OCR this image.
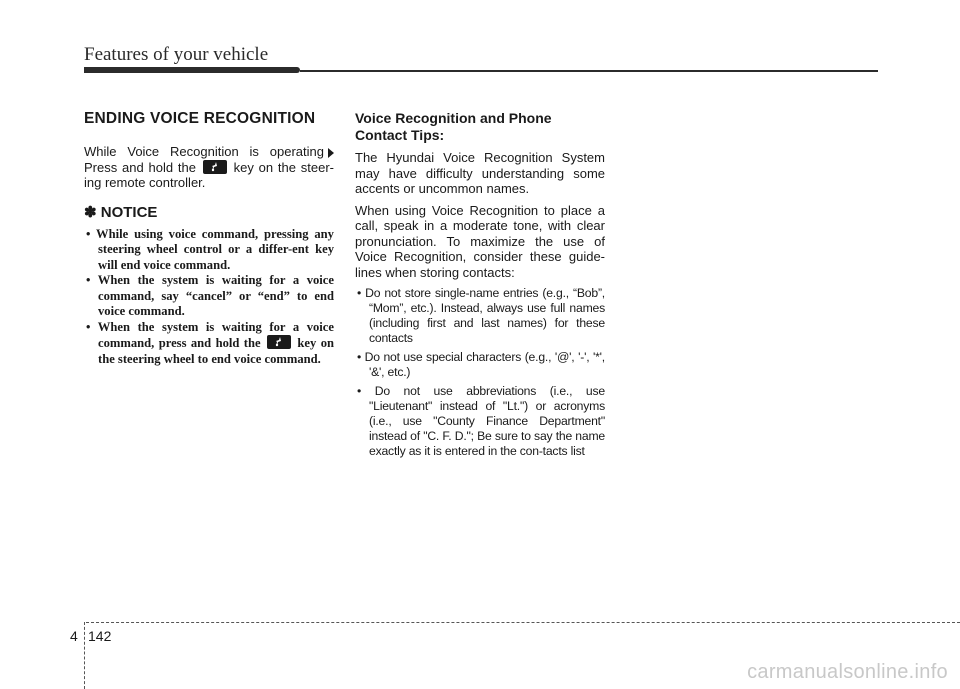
Features of your vehicle
ENDING VOICE RECOGNITION

While Voice Recognition is operating Press and hold the	key on the steer-ing remote controller.

✽ NOTICE
• While using voice command, pressing any steering wheel control or a differ-ent key will end voice command.
• When the system is waiting for a voice command, say “cancel” or “end” to end voice command.
• When the system is waiting for a voice command, press and hold the	key on the steering wheel to end voice command.
Voice Recognition and Phone Contact Tips:

The Hyundai Voice Recognition System may have difficulty understanding some accents or uncommon names.

When using Voice Recognition to place a call, speak in a moderate tone, with clear pronunciation. To maximize the use of Voice Recognition, consider these guide-lines when storing contacts:

• Do not store single-name entries (e.g., “Bob”, “Mom”, etc.). Instead, always use full names (including first and last names) for these contacts
• Do not use special characters (e.g., '@', '-', '*', '&', etc.)
• Do not use abbreviations (i.e., use "Lieutenant" instead of "Lt.") or acronyms (i.e., use "County Finance Department" instead of "C. F. D."; Be sure to say the name exactly as it is entered in the con-tacts list
4 142
carmanualsonline.info
